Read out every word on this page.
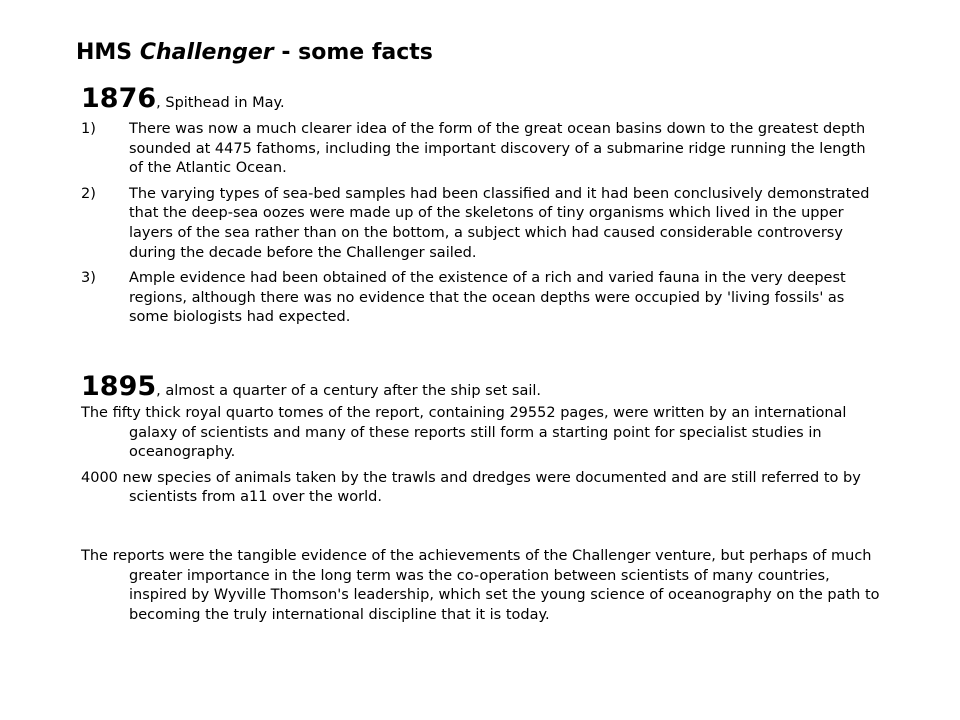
HMS Challenger - some facts

1876, Spithead in May.

1) There was now a much clearer idea of the form of the great ocean basins down to the greatest depth sounded at 4475 fathoms, including the important discovery of a submarine ridge running the length of the Atlantic Ocean.
2) The varying types of sea-bed samples had been classified and it had been conclusively demonstrated that the deep-sea oozes were made up of the skeletons of tiny organisms which lived in the upper layers of the sea rather than on the bottom, a subject which had caused considerable controversy during the decade before the Challenger sailed.
3) Ample evidence had been obtained of the existence of a rich and varied fauna in the very deepest regions, although there was no evidence that the ocean depths were occupied by 'living fossils' as some biologists had expected.

1895, almost a quarter of a century after the ship set sail.

The fifty thick royal quarto tomes of the report, containing 29552 pages, were written by an international galaxy of scientists and many of these reports still form a starting point for specialist studies in oceanography.

4000 new species of animals taken by the trawls and dredges were documented and are still referred to by scientists from a11 over the world.

The reports were the tangible evidence of the achievements of the Challenger venture, but perhaps of much greater importance in the long term was the co-operation between scientists of many countries, inspired by Wyville Thomson's leadership, which set the young science of oceanography on the path to becoming the truly international discipline that it is today.
